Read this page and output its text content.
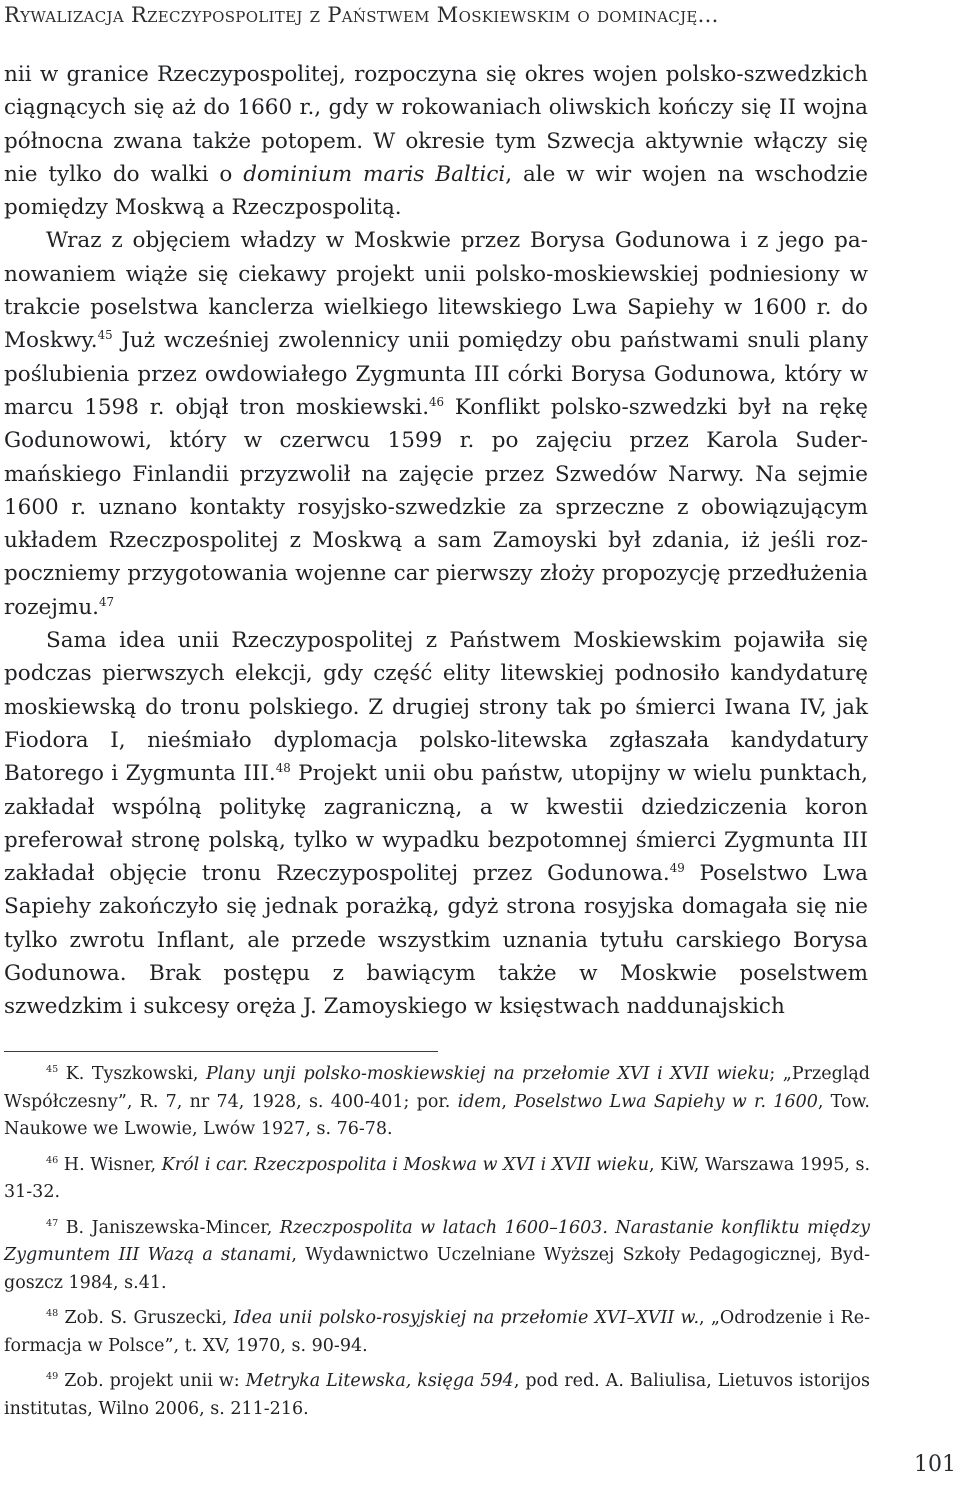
Rywalizacja Rzeczypospolitej z Państwem Moskiewskim o dominację...

nii w granice Rzeczypospolitej, rozpoczyna się okres wojen polsko-szwedzkich ciągnących się aż do 1660 r., gdy w rokowaniach oliwskich kończy się II wojna północna zwana także potopem. W okresie tym Szwecja aktywnie włączy się nie tylko do walki o dominium maris Baltici, ale w wir wojen na wschodzie pomiędzy Moskwą a Rzeczpospolitą.

Wraz z objęciem władzy w Moskwie przez Borysa Godunowa i z jego panowaniem wiąże się ciekawy projekt unii polsko-moskiewskiej podniesiony w trakcie poselstwa kanclerza wielkiego litewskiego Lwa Sapiehy w 1600 r. do Moskwy.$^{45}$ Już wcześniej zwolennicy unii pomiędzy obu państwami snuli plany poślubienia przez owdowiałego Zygmunta III córki Borysa Godunowa, który w marcu 1598 r. objął tron moskiewski.$^{46}$ Konflikt polsko-szwedzki był na rękę Godunowowi, który w czerwcu 1599 r. po zajęciu przez Karola Sudermańskiego Finlandii przyzwolił na zajęcie przez Szwedów Narwy. Na sejmie 1600 r. uznano kontakty rosyjsko-szwedzkie za sprzeczne z obowiązującym układem Rzeczpospolitej z Moskwą a sam Zamoyski był zdania, iż jeśli rozpoczniemy przygotowania wojenne car pierwszy złoży propozycję przedłużenia rozejmu.$^{47}$

Sama idea unii Rzeczypospolitej z Państwem Moskiewskim pojawiła się podczas pierwszych elekcji, gdy część elity litewskiej podnosiło kandydaturę moskiewską do tronu polskiego. Z drugiej strony tak po śmierci Iwana IV, jak Fiodora I, nieśmiało dyplomacja polsko-litewska zgłaszała kandydatury Batorego i Zygmunta III.$^{48}$ Projekt unii obu państw, utopijny w wielu punktach, zakładał wspólną politykę zagraniczną, a w kwestii dziedziczenia koron preferował stronę polską, tylko w wypadku bezpotomnej śmierci Zygmunta III zakładał objęcie tronu Rzeczypospolitej przez Godunowa.$^{49}$ Poselstwo Lwa Sapiehy zakończyło się jednak porażką, gdyż strona rosyjska domagała się nie tylko zwrotu Inflant, ale przede wszystkim uznania tytułu carskiego Borysa Godunowa. Brak postępu z bawiącym także w Moskwie poselstwem szwedzkim i sukcesy oręża J. Zamoyskiego w księstwach naddunajskich

$^{45}$ K. Tyszkowski, Plany unji polsko-moskiewskiej na przełomie XVI i XVII wieku; „Przegląd Współczesny”, R. 7, nr 74, 1928, s. 400-401; por. idem, Poselstwo Lwa Sapiehy w r. 1600, Tow. Naukowe we Lwowie, Lwów 1927, s. 76-78.

$^{46}$ H. Wisner, Król i car. Rzeczpospolita i Moskwa w XVI i XVII wieku, KiW, Warszawa 1995, s. 31-32.

$^{47}$ B. Janiszewska-Mincer, Rzeczpospolita w latach 1600–1603. Narastanie konfliktu między Zygmuntem III Wazą a stanami, Wydawnictwo Uczelniane Wyższej Szkoły Pedagogicznej, Bydgoszcz 1984, s.41.

$^{48}$ Zob. S. Gruszecki, Idea unii polsko-rosyjskiej na przełomie XVI–XVII w., „Odrodzenie i Reformacja w Polsce”, t. XV, 1970, s. 90-94.

$^{49}$ Zob. projekt unii w: Metryka Litewska, księga 594, pod red. A. Baliulisa, Lietuvos istorijos institutas, Wilno 2006, s. 211-216.

101
